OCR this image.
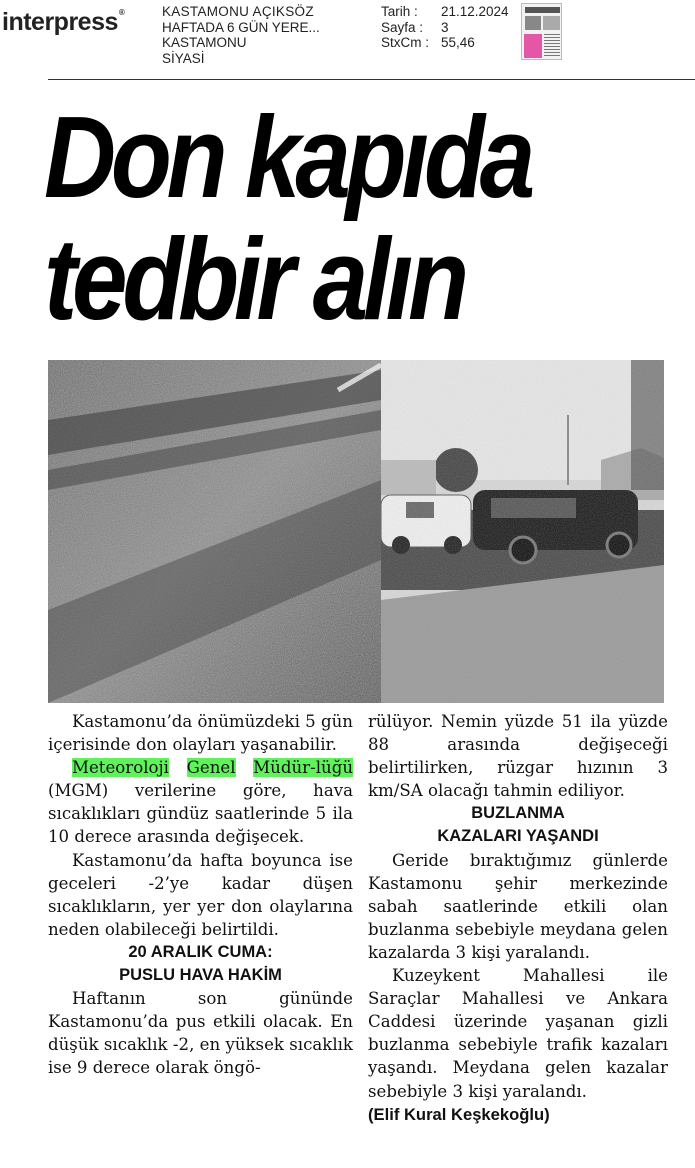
interpress®	KASTAMONU AÇIKSÖZ
HAFTADA 6 GÜN YERE...
KASTAMONU
SİYASİ
Tarih :	21.12.2024
Sayfa :	3
StxCm : 55,46
Don kapıda
tedbir alın

Kastamonu’da önümüzdeki 5 gün içerisinde don olayları yaşanabilir.

Meteoroloji Genel Müdür-lüğü (MGM) verilerine göre, hava sıcaklıkları gündüz saatlerinde 5 ila 10 derece arasında değişecek.

Kastamonu’da hafta boyunca ise geceleri -2’ye kadar düşen sıcaklıkların, yer yer don olaylarına neden olabileceği belirtildi.

20 ARALIK CUMA:
PUSLU HAVA HAKİM

Haftanın son gününde Kastamonu’da pus etkili olacak. En düşük sıcaklık -2, en yüksek sıcaklık ise 9 derece olarak öngö-

rülüyor. Nemin yüzde 51 ila yüzde 88 arasında değişeceği belirtilirken, rüzgar hızının 3 km/SA olacağı tahmin ediliyor.

BUZLANMA
KAZALARI YAŞANDI

Geride bıraktığımız günlerde Kastamonu şehir merkezinde sabah saatlerinde etkili olan buzlanma sebebiyle meydana gelen kazalarda 3 kişi yaralandı.

Kuzeykent Mahallesi ile Saraçlar Mahallesi ve Ankara Caddesi üzerinde yaşanan gizli buzlanma sebebiyle trafik kazaları yaşandı. Meydana gelen kazalar sebebiyle 3 kişi yaralandı.

(Elif Kural Keşkekoğlu)
